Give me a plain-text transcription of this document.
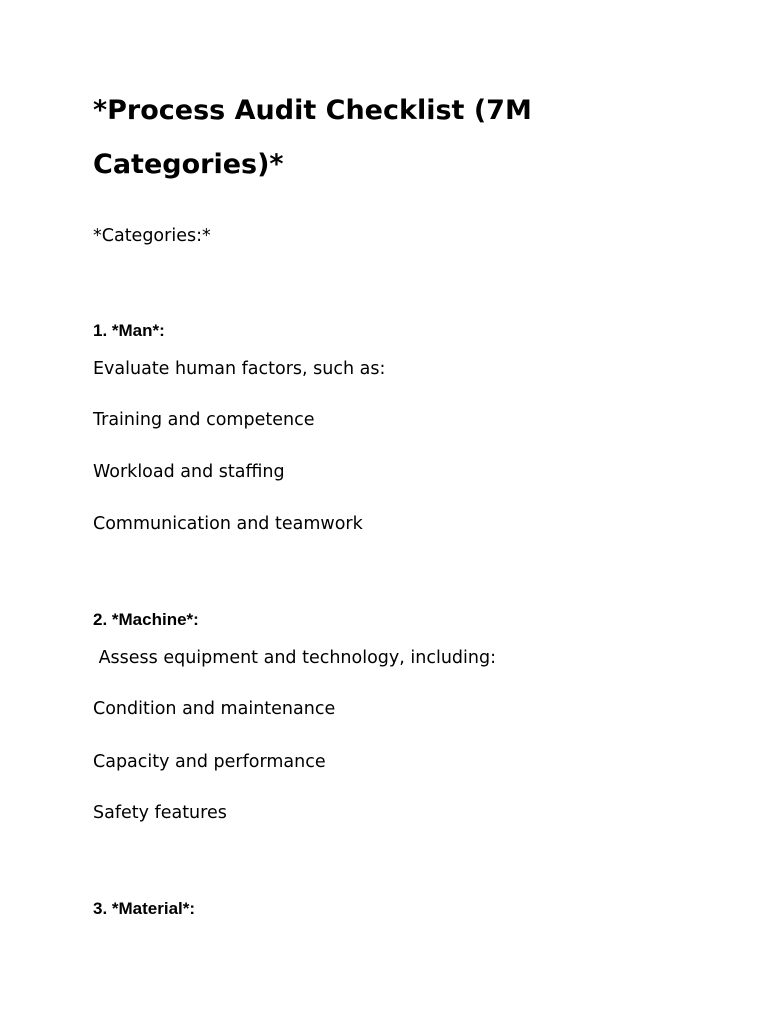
*Process Audit Checklist (7M
Categories)*
*Categories:*
1. *Man*:
Evaluate human factors, such as:
Training and competence
Workload and staffing
Communication and teamwork
2. *Machine*:
Assess equipment and technology, including:
Condition and maintenance
Capacity and performance
Safety features
3. *Material*:
